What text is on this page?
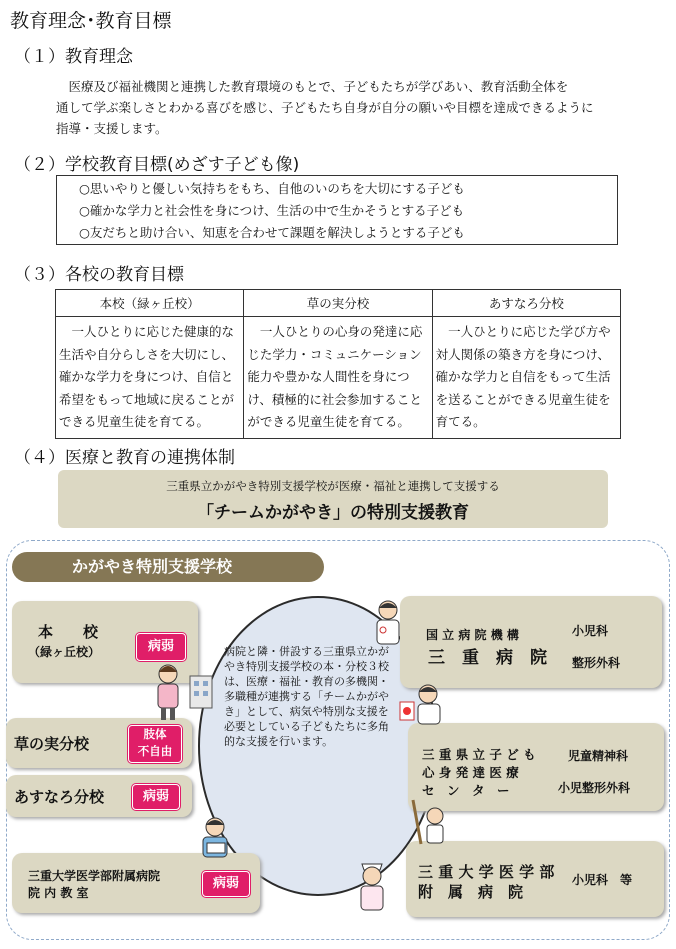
教育理念･教育目標
（１）教育理念
　医療及び福祉機関と連携した教育環境のもとで、子どもたちが学びあい、教育活動全体を
通して学ぶ楽しさとわかる喜びを感じ、子どもたち自身が自分の願いや目標を達成できるように
指導・支援します。
（２）学校教育目標(めざす子ども像)
○思いやりと優しい気持ちをもち、自他のいのちを大切にする子ども
○確かな学力と社会性を身につけ、生活の中で生かそうとする子ども
○友だちと助け合い、知恵を合わせて課題を解決しようとする子ども
（３）各校の教育目標
本校（緑ヶ丘校）	草の実分校	あすなろ分校
一人ひとりに応じた健康的な生活や自分らしさを大切にし、確かな学力を身につけ、自信と希望をもって地域に戻ることができる児童生徒を育てる。	一人ひとりの心身の発達に応じた学力・コミュニケーション能力や豊かな人間性を身につけ、積極的に社会参加することができる児童生徒を育てる。	一人ひとりに応じた学び方や対人関係の築き方を身につけ、確かな学力と自信をもって生活を送ることができる児童生徒を育てる。
（４）医療と教育の連携体制
三重県立かがやき特別支援学校が医療・福祉と連携して支援する
「チームかがやき」の特別支援教育
かがやき特別支援学校
病院と隣・併設する三重県立かがやき特別支援学校の本・分校３校は、医療・福祉・教育の多機関・多職種が連携する「チームかがやき」として、病気や特別な支援を必要としている子どもたちに多角的な支援を行います。
本　　校
（緑ヶ丘校）	病弱
草の実分校
肢体
不自由
あすなろ分校	病弱
三重大学医学部附属病院
院 内 教 室
病弱
国 立 病 院 機 構
三　重　病　院
小児科
整形外科
三 重 県 立 子 ど も
心 身 発 達 医 療
セ　ン　タ　ー
児童精神科
小児整形外科
三 重 大 学 医 学 部
附　属　病　院
小児科　等
